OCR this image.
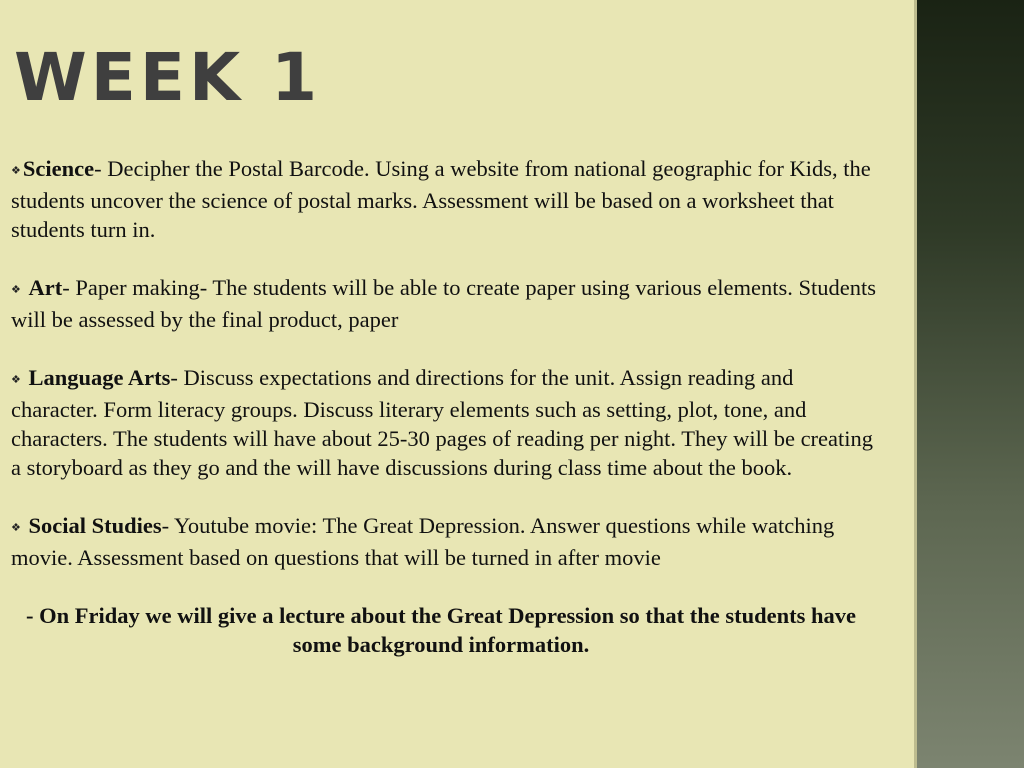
WEEK 1

❖Science- Decipher the Postal Barcode. Using a website from national geographic for Kids, the students uncover the science of postal marks. Assessment will be based on a worksheet that students turn in.

❖ Art- Paper making- The students will be able to create paper using various elements. Students will be assessed by the final product, paper

❖ Language Arts- Discuss expectations and directions for the unit. Assign reading and character. Form literacy groups. Discuss literary elements such as setting, plot, tone, and characters. The students will have about 25-30 pages of reading per night. They will be creating a storyboard as they go and the will have discussions during class time about the book.

❖ Social Studies- Youtube movie: The Great Depression. Answer questions while watching movie. Assessment based on questions that will be turned in after movie

- On Friday we will give a lecture about the Great Depression so that the students have some background information.
